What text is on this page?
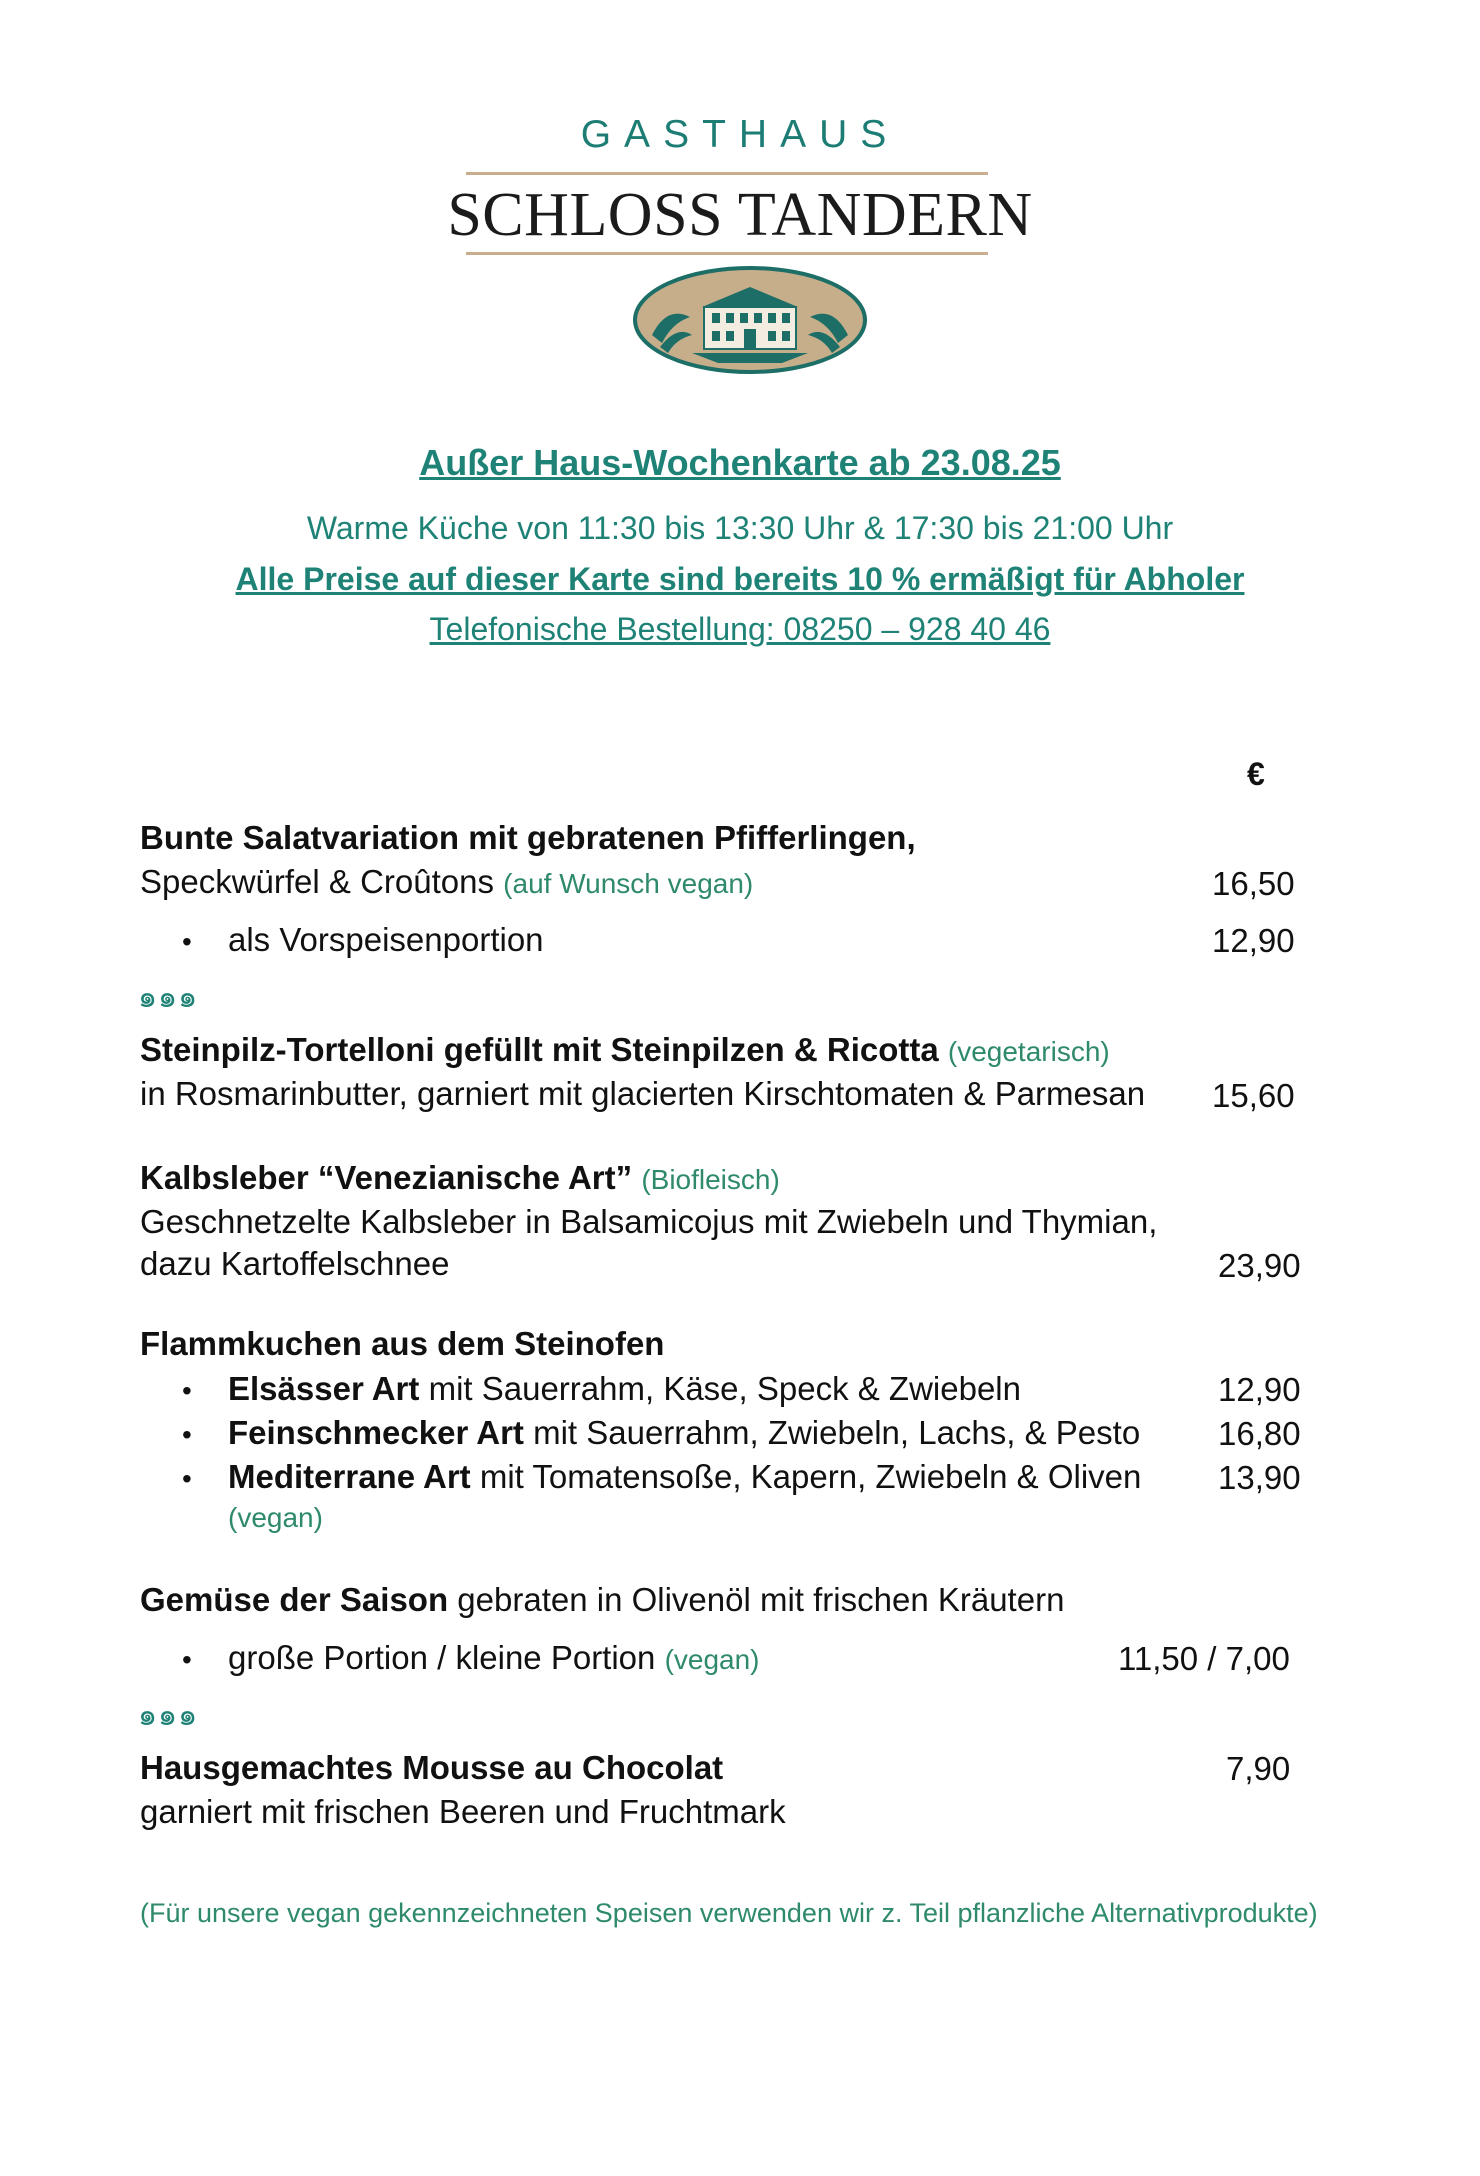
GASTHAUS
SCHLOSS TANDERN
Außer Haus-Wochenkarte ab 23.08.25
Warme Küche von 11:30 bis 13:30 Uhr & 17:30 bis 21:00 Uhr
Alle Preise auf dieser Karte sind bereits 10 % ermäßigt für Abholer
Telefonische Bestellung: 08250 – 928 40 46
€
Bunte Salatvariation mit gebratenen Pfifferlingen,
Speckwürfel & Croûtons (auf Wunsch vegan)	16,50
• als Vorspeisenportion	12,90
๑๑๑
Steinpilz-Tortelloni gefüllt mit Steinpilzen & Ricotta (vegetarisch)
in Rosmarinbutter, garniert mit glacierten Kirschtomaten & Parmesan 15,60
Kalbsleber “Venezianische Art” (Biofleisch)
Geschnetzelte Kalbsleber in Balsamicojus mit Zwiebeln und Thymian,
dazu Kartoffelschnee	23,90
Flammkuchen aus dem Steinofen
• Elsässer Art mit Sauerrahm, Käse, Speck & Zwiebeln	12,90
• Feinschmecker Art mit Sauerrahm, Zwiebeln, Lachs, & Pesto 16,80
• Mediterrane Art mit Tomatensoße, Kapern, Zwiebeln & Oliven 13,90
(vegan)
Gemüse der Saison gebraten in Olivenöl mit frischen Kräutern
• große Portion / kleine Portion (vegan)	11,50 / 7,00
๑๑๑
Hausgemachtes Mousse au Chocolat	7,90
garniert mit frischen Beeren und Fruchtmark
(Für unsere vegan gekennzeichneten Speisen verwenden wir z. Teil pflanzliche Alternativprodukte)
